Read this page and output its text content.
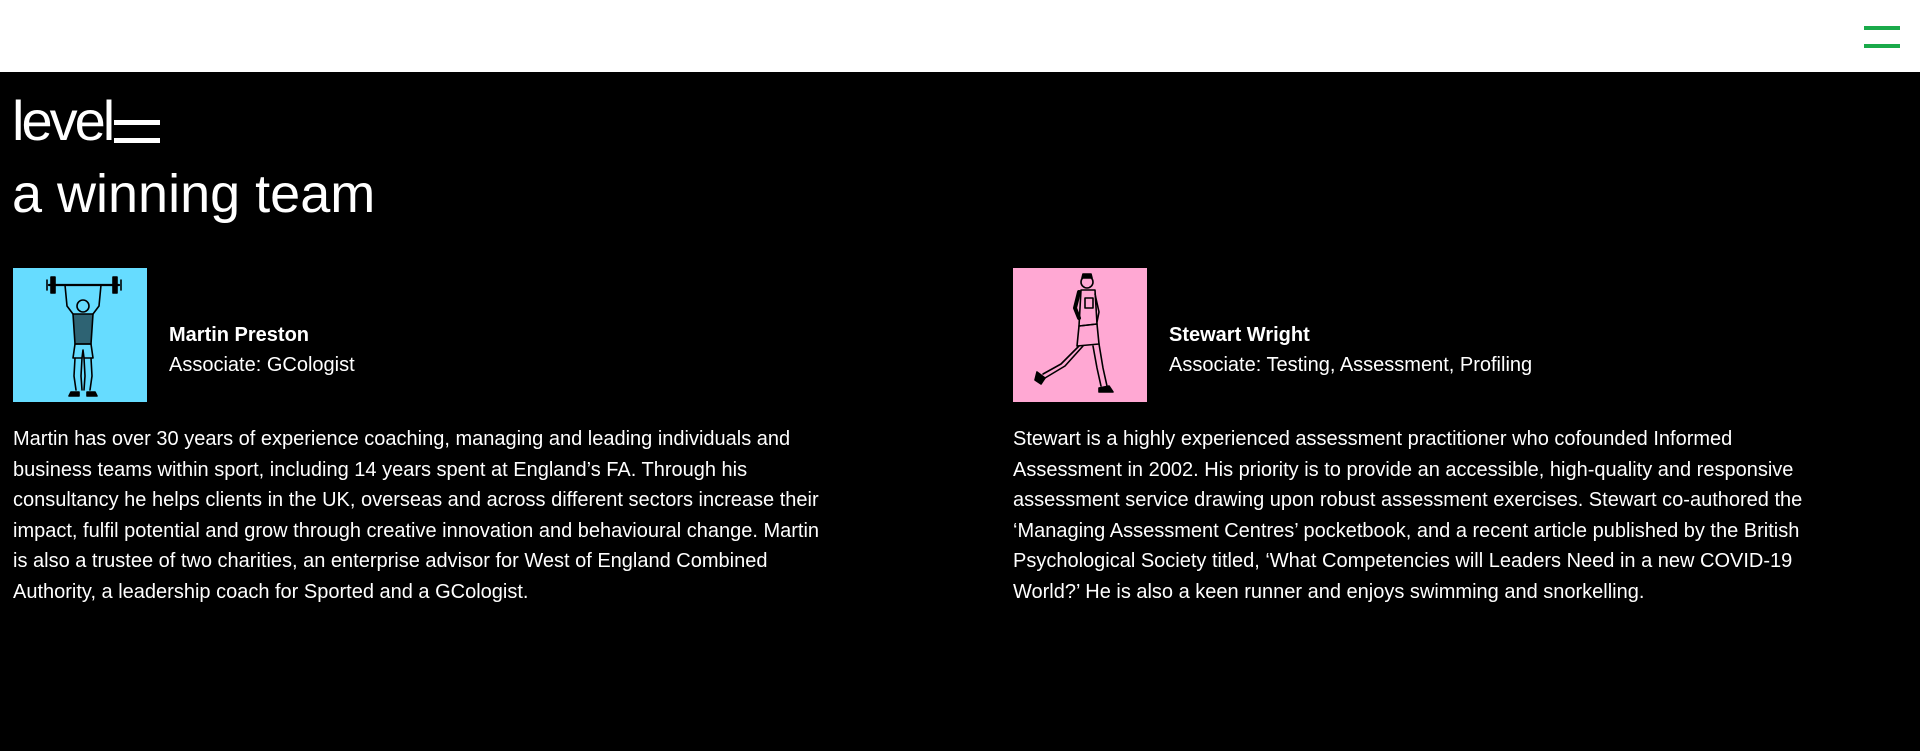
level
a winning team
Martin Preston
Associate: GCologist

Martin has over 30 years of experience coaching, managing and leading individuals and
business teams within sport, including 14 years spent at England’s FA. Through his
consultancy he helps clients in the UK, overseas and across different sectors increase their
impact, fulfil potential and grow through creative innovation and behavioural change. Martin
is also a trustee of two charities, an enterprise advisor for West of England Combined
Authority, a leadership coach for Sported and a GCologist.

Stewart Wright
Associate: Testing, Assessment, Profiling

Stewart is a highly experienced assessment practitioner who cofounded Informed
Assessment in 2002. His priority is to provide an accessible, high-quality and responsive
assessment service drawing upon robust assessment exercises. Stewart co-authored the
‘Managing Assessment Centres’ pocketbook, and a recent article published by the British
Psychological Society titled, ‘What Competencies will Leaders Need in a new COVID-19
World?’ He is also a keen runner and enjoys swimming and snorkelling.
